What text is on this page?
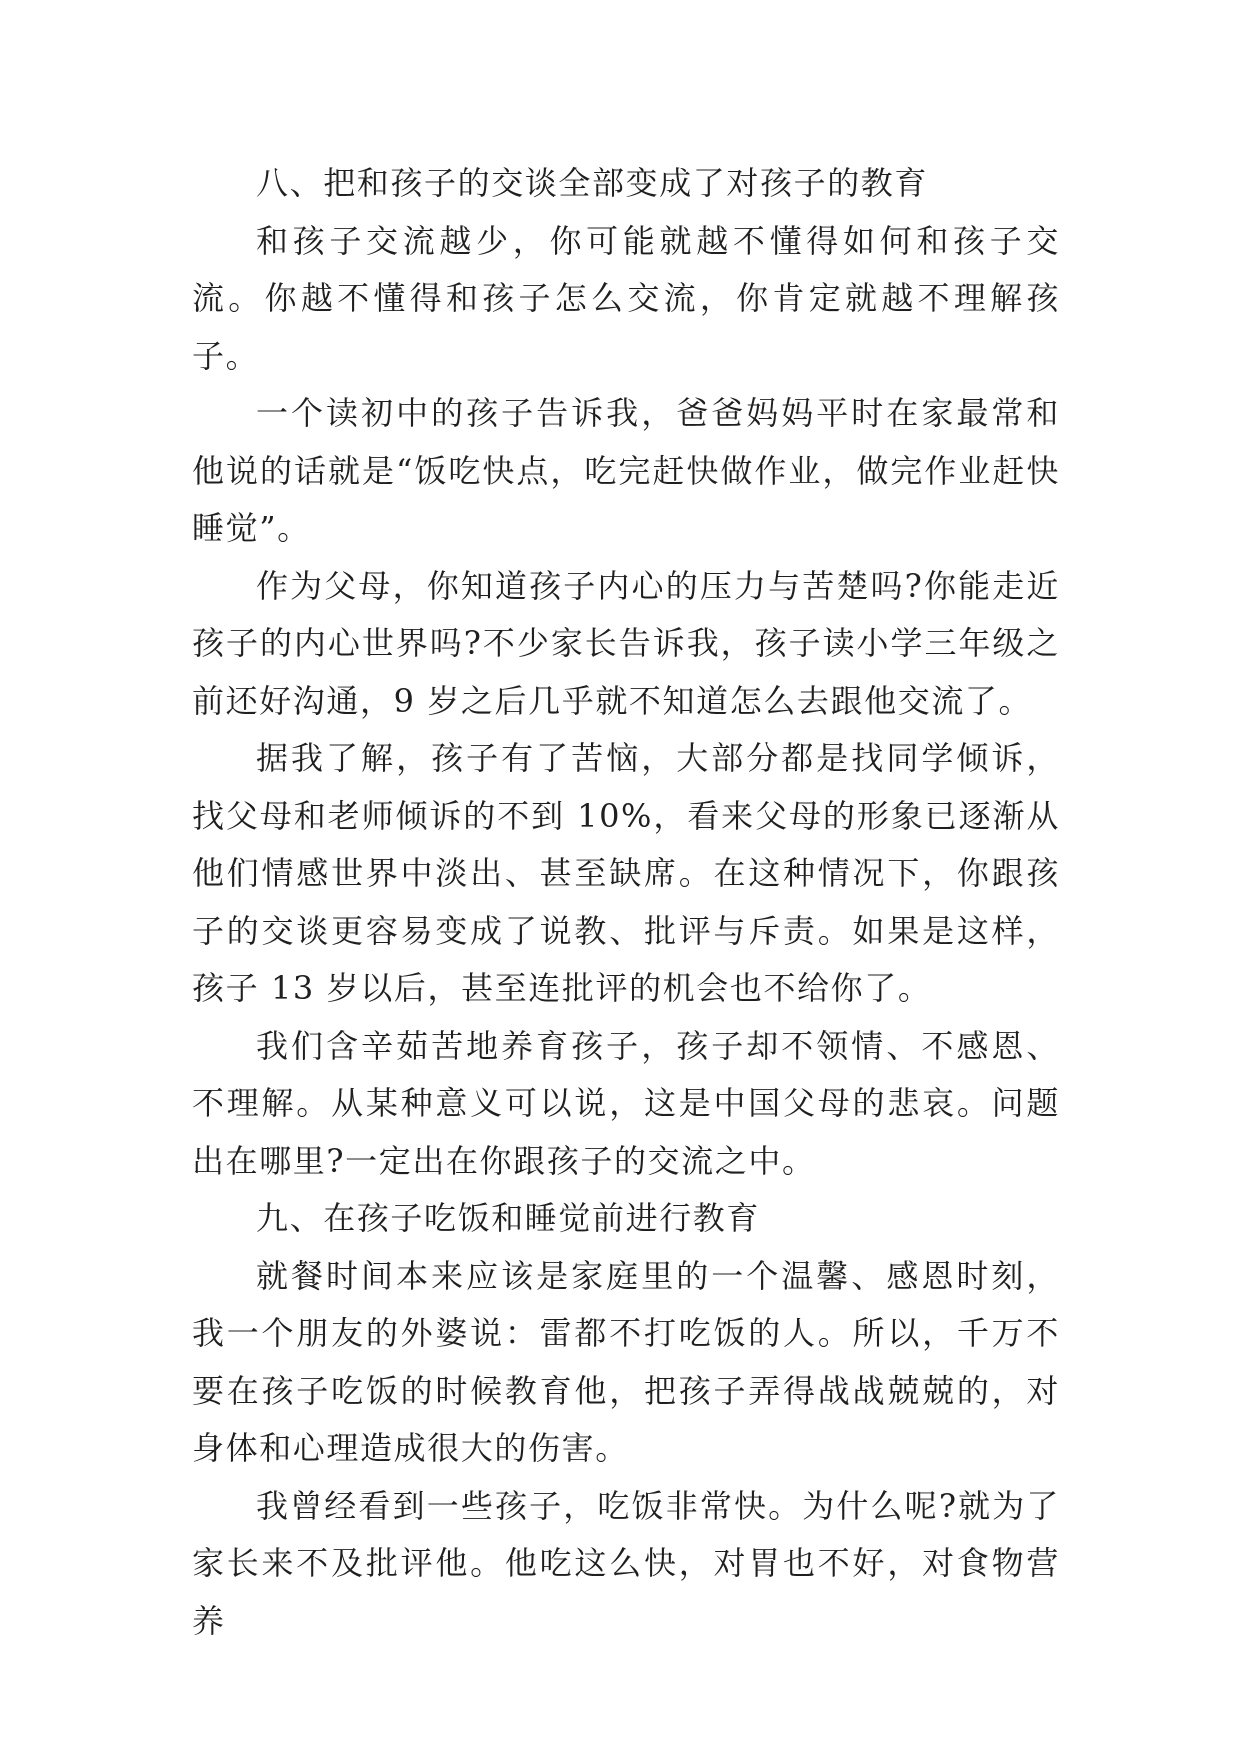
八、把和孩子的交谈全部变成了对孩子的教育

和孩子交流越少，你可能就越不懂得如何和孩子交流。你越不懂得和孩子怎么交流，你肯定就越不理解孩子。

一个读初中的孩子告诉我，爸爸妈妈平时在家最常和他说的话就是“饭吃快点，吃完赶快做作业，做完作业赶快睡觉”。

作为父母，你知道孩子内心的压力与苦楚吗?你能走近孩子的内心世界吗?不少家长告诉我，孩子读小学三年级之前还好沟通，9 岁之后几乎就不知道怎么去跟他交流了。

据我了解，孩子有了苦恼，大部分都是找同学倾诉，找父母和老师倾诉的不到 10%，看来父母的形象已逐渐从他们情感世界中淡出、甚至缺席。在这种情况下，你跟孩子的交谈更容易变成了说教、批评与斥责。如果是这样，孩子 13 岁以后，甚至连批评的机会也不给你了。

我们含辛茹苦地养育孩子，孩子却不领情、不感恩、不理解。从某种意义可以说，这是中国父母的悲哀。问题出在哪里?一定出在你跟孩子的交流之中。

九、在孩子吃饭和睡觉前进行教育

就餐时间本来应该是家庭里的一个温馨、感恩时刻，我一个朋友的外婆说：雷都不打吃饭的人。所以，千万不要在孩子吃饭的时候教育他，把孩子弄得战战兢兢的，对身体和心理造成很大的伤害。

我曾经看到一些孩子，吃饭非常快。为什么呢?就为了家长来不及批评他。他吃这么快，对胃也不好，对食物营养
